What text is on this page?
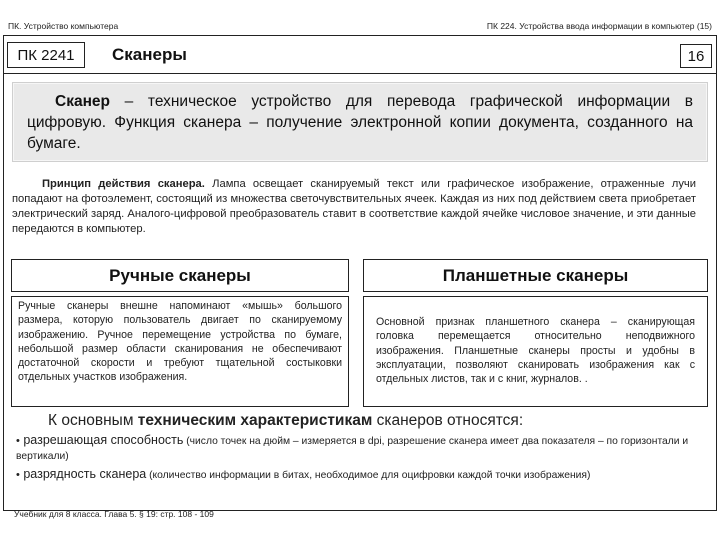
ПК. Устройство компьютера	ПК 224. Устройства ввода информации в компьютер (15)
ПК 2241	Сканеры	16
Сканер – техническое устройство для перевода графической информации в цифровую. Функция сканера – получение электронной копии документа, созданного на бумаге.
Принцип действия сканера. Лампа освещает сканируемый текст или графическое изображение, отраженные лучи попадают на фотоэлемент, состоящий из множества светочувствительных ячеек. Каждая из них под действием света приобретает электрический заряд. Аналого-цифровой преобразователь ставит в соответствие каждой ячейке числовое значение, и эти данные передаются в компьютер.
Ручные сканеры
Ручные сканеры внешне напоминают «мышь» большого размера, которую пользователь двигает по сканируемому изображению. Ручное перемещение устройства по бумаге, небольшой размер области сканирования не обеспечивают достаточной скорости и требуют тщательной состыковки отдельных участков изображения.
Планшетные сканеры
Основной признак планшетного сканера – сканирующая головка перемещается относительно неподвижного изображения. Планшетные сканеры просты и удобны в эксплуатации, позволяют сканировать изображения как с отдельных листов, так и с книг, журналов. .
К основным техническим характеристикам сканеров относятся:
• разрешающая способность (число точек на дюйм – измеряется в dpi, разрешение сканера имеет два показателя – по горизонтали и вертикали)
• разрядность сканера (количество информации в битах, необходимое для оцифровки каждой точки изображения)
Учебник для 8 класса. Глава 5. § 19: стр. 108 - 109
